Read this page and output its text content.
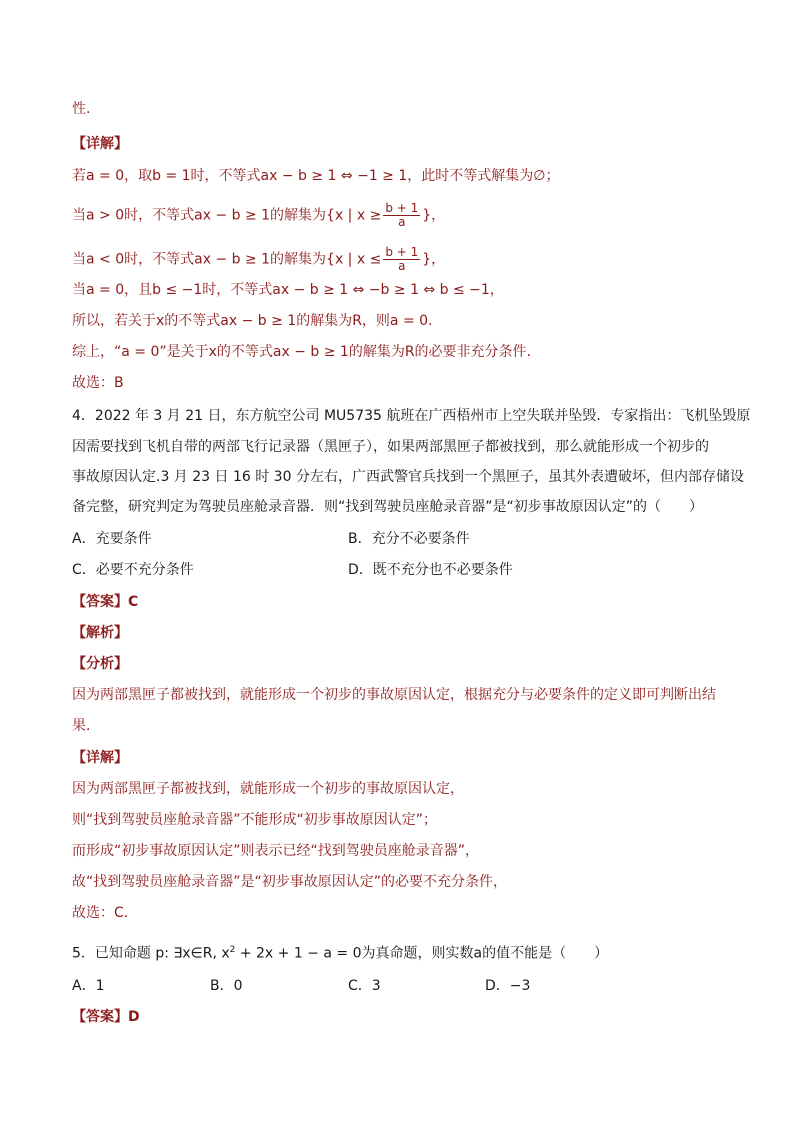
性.
【详解】
若a = 0，取b = 1时，不等式ax − b ≥ 1 ⇔ −1 ≥ 1，此时不等式解集为∅；
当a > 0时，不等式ax − b ≥ 1的解集为{x | $x \ge \frac{b + 1}{a}$ }，
当a < 0时，不等式ax − b ≥ 1的解集为{x | $x \le \frac{b + 1}{a}$ }，
当a = 0，且b ≤ −1时，不等式ax − b ≥ 1 ⇔ −b ≥ 1 ⇔ b ≤ −1，
所以，若关于x的不等式ax − b ≥ 1的解集为R，则a = 0.
综上，“a = 0”是关于x的不等式ax − b ≥ 1的解集为R的必要非充分条件.
故选：B
4．2022 年 3 月 21 日，东方航空公司 MU5735 航班在广西梧州市上空失联并坠毁．专家指出：飞机坠毁原
因需要找到飞机自带的两部飞行记录器（黑匣子），如果两部黑匣子都被找到，那么就能形成一个初步的
事故原因认定.3 月 23 日 16 时 30 分左右，广西武警官兵找到一个黑匣子，虽其外表遭破坏，但内部存储设
备完整，研究判定为驾驶员座舱录音器．则“找到驾驶员座舱录音器”是“初步事故原因认定”的（　　）
A．充要条件	B．充分不必要条件
C．必要不充分条件	D．既不充分也不必要条件
【答案】C
【解析】
【分析】
因为两部黑匣子都被找到，就能形成一个初步的事故原因认定，根据充分与必要条件的定义即可判断出结
果．
【详解】
因为两部黑匣子都被找到，就能形成一个初步的事故原因认定，
则“找到驾驶员座舱录音器”不能形成“初步事故原因认定”；
而形成“初步事故原因认定”则表示已经“找到驾驶员座舱录音器”，
故“找到驾驶员座舱录音器”是“初步事故原因认定”的必要不充分条件，
故选：C．
5．已知命题 p: ∃x∈R, $x^2 + 2x + 1 - a = 0$为真命题，则实数a的值不能是（　　）
A．1	B．0	C．3	D．−3
【答案】D
